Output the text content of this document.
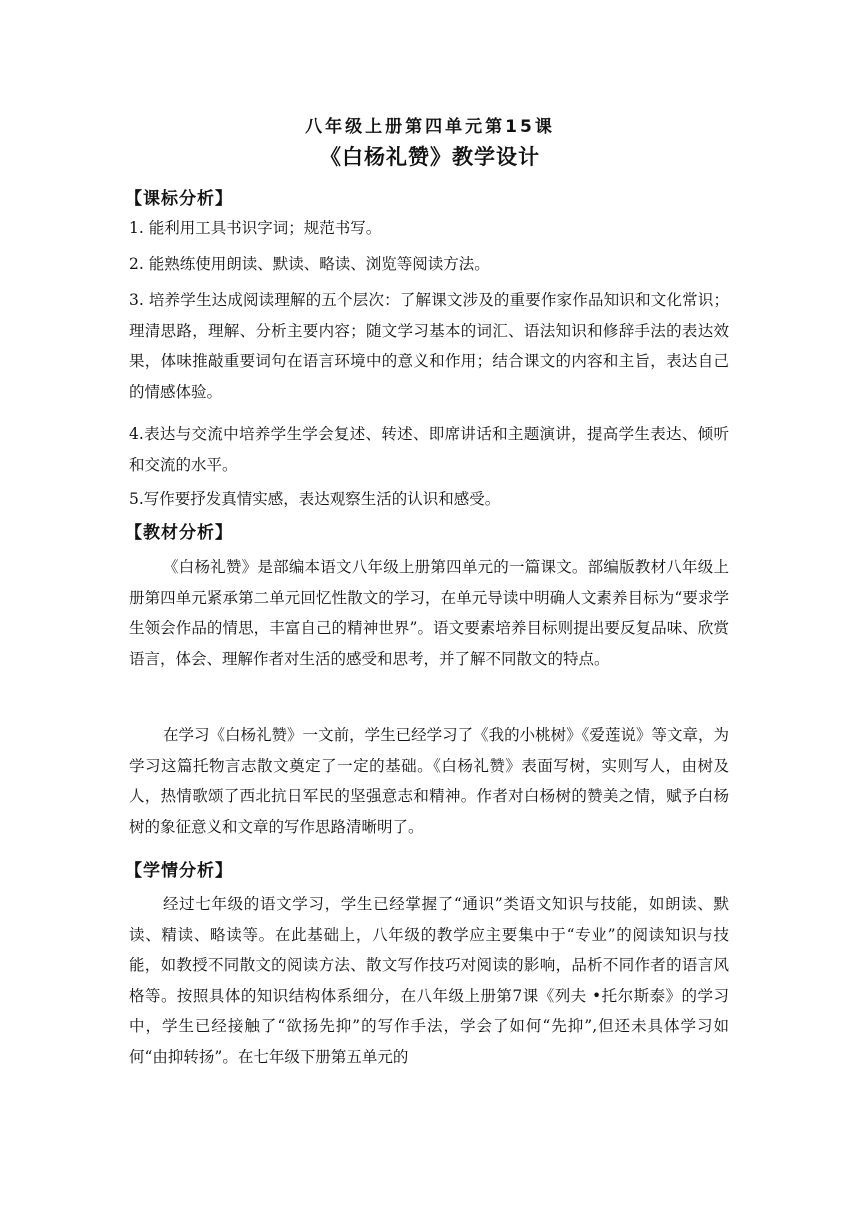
八年级上册第四单元第15课
《白杨礼赞》教学设计
【课标分析】
1. 能利用工具书识字词；规范书写。
2. 能熟练使用朗读、默读、略读、浏览等阅读方法。
3. 培养学生达成阅读理解的五个层次：了解课文涉及的重要作家作品知识和文化常识；理清思路，理解、分析主要内容；随文学习基本的词汇、语法知识和修辞手法的表达效果，体味推敲重要词句在语言环境中的意义和作用；结合课文的内容和主旨，表达自己的情感体验。
4.表达与交流中培养学生学会复述、转述、即席讲话和主题演讲，提高学生表达、倾听和交流的水平。
5.写作要抒发真情实感，表达观察生活的认识和感受。
【教材分析】
《白杨礼赞》是部编本语文八年级上册第四单元的一篇课文。部编版教材八年级上册第四单元紧承第二单元回忆性散文的学习，在单元导读中明确人文素养目标为“要求学生领会作品的情思，丰富自己的精神世界”。语文要素培养目标则提出要反复品味、欣赏语言，体会、理解作者对生活的感受和思考，并了解不同散文的特点。
在学习《白杨礼赞》一文前，学生已经学习了《我的小桃树》《爱莲说》等文章，为学习这篇托物言志散文奠定了一定的基础。《白杨礼赞》表面写树，实则写人，由树及人，热情歌颂了西北抗日军民的坚强意志和精神。作者对白杨树的赞美之情，赋予白杨树的象征意义和文章的写作思路清晰明了。
【学情分析】
经过七年级的语文学习，学生已经掌握了“通识”类语文知识与技能，如朗读、默读、精读、略读等。在此基础上，八年级的教学应主要集中于“专业”的阅读知识与技能，如教授不同散文的阅读方法、散文写作技巧对阅读的影响，品析不同作者的语言风格等。按照具体的知识结构体系细分，在八年级上册第7课《列夫 •托尔斯泰》的学习中，学生已经接触了“欲扬先抑”的写作手法，学会了如何“先抑”,但还未具体学习如何“由抑转扬”。在七年级下册第五单元的
